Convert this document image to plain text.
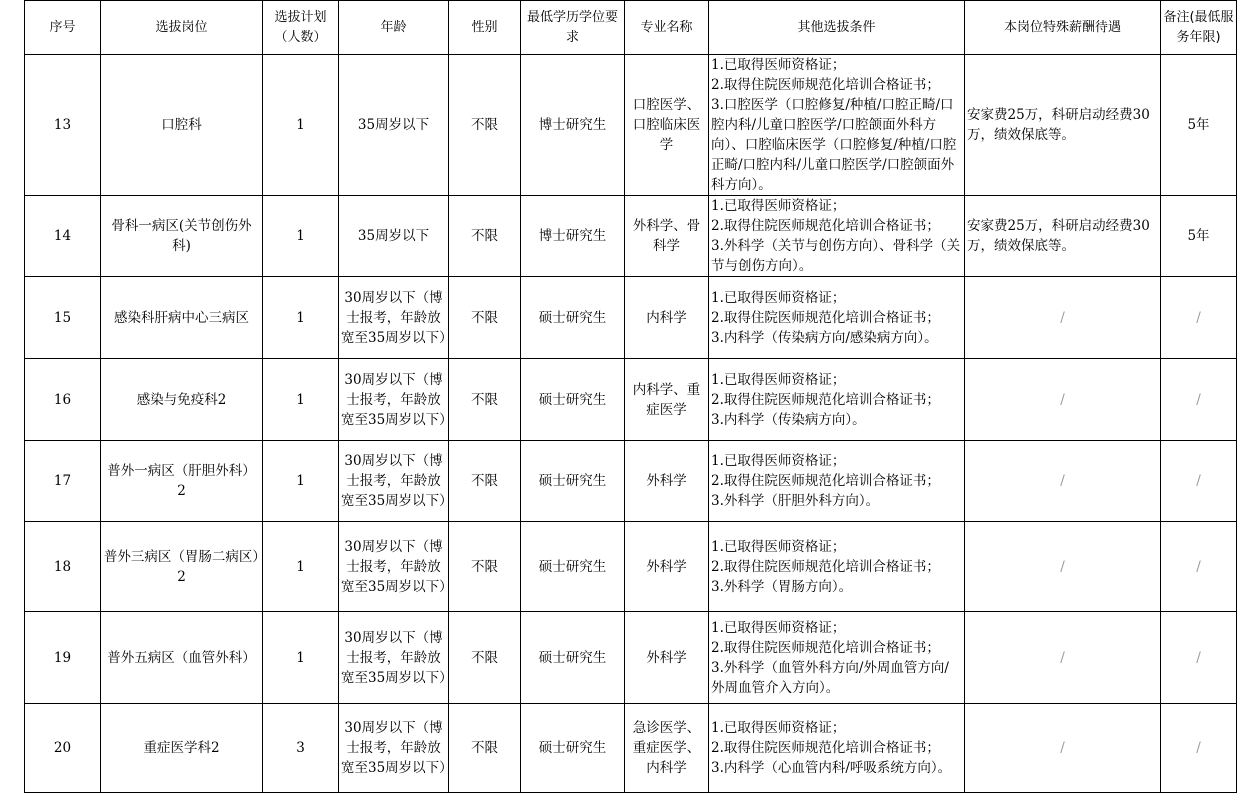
序号	选拔岗位	选拔计划（人数）	年龄	性别	最低学历学位要求	专业名称	其他选拔条件	本岗位特殊薪酬待遇	备注(最低服务年限)
13	口腔科	1	35周岁以下	不限	博士研究生	口腔医学、口腔临床医学	1.已取得医师资格证；
2.取得住院医师规范化培训合格证书；
3.口腔医学（口腔修复/种植/口腔正畸/口腔内科/儿童口腔医学/口腔颌面外科方向）、口腔临床医学（口腔修复/种植/口腔正畸/口腔内科/儿童口腔医学/口腔颌面外科方向）。	安家费25万，科研启动经费30万，绩效保底等。	5年
14	骨科一病区(关节创伤外科)	1	35周岁以下	不限	博士研究生	外科学、骨科学	1.已取得医师资格证；
2.取得住院医师规范化培训合格证书；
3.外科学（关节与创伤方向）、骨科学（关节与创伤方向）。	安家费25万，科研启动经费30万，绩效保底等。	5年
15	感染科肝病中心三病区	1	30周岁以下（博士报考，年龄放宽至35周岁以下）	不限	硕士研究生	内科学	1.已取得医师资格证；
2.取得住院医师规范化培训合格证书；
3.内科学（传染病方向/感染病方向）。	/	/
16	感染与免疫科2	1	30周岁以下（博士报考，年龄放宽至35周岁以下）	不限	硕士研究生	内科学、重症医学	1.已取得医师资格证；
2.取得住院医师规范化培训合格证书；
3.内科学（传染病方向）。	/	/
17	普外一病区（肝胆外科）2	1	30周岁以下（博士报考，年龄放宽至35周岁以下）	不限	硕士研究生	外科学	1.已取得医师资格证；
2.取得住院医师规范化培训合格证书；
3.外科学（肝胆外科方向）。	/	/
18	普外三病区（胃肠二病区）2	1	30周岁以下（博士报考，年龄放宽至35周岁以下）	不限	硕士研究生	外科学	1.已取得医师资格证；
2.取得住院医师规范化培训合格证书；
3.外科学（胃肠方向）。	/	/
19	普外五病区（血管外科）	1	30周岁以下（博士报考，年龄放宽至35周岁以下）	不限	硕士研究生	外科学	1.已取得医师资格证；
2.取得住院医师规范化培训合格证书；
3.外科学（血管外科方向/外周血管方向/外周血管介入方向）。	/	/
20	重症医学科2	3	30周岁以下（博士报考，年龄放宽至35周岁以下）	不限	硕士研究生	急诊医学、重症医学、内科学	1.已取得医师资格证；
2.取得住院医师规范化培训合格证书；
3.内科学（心血管内科/呼吸系统方向）。	/	/
